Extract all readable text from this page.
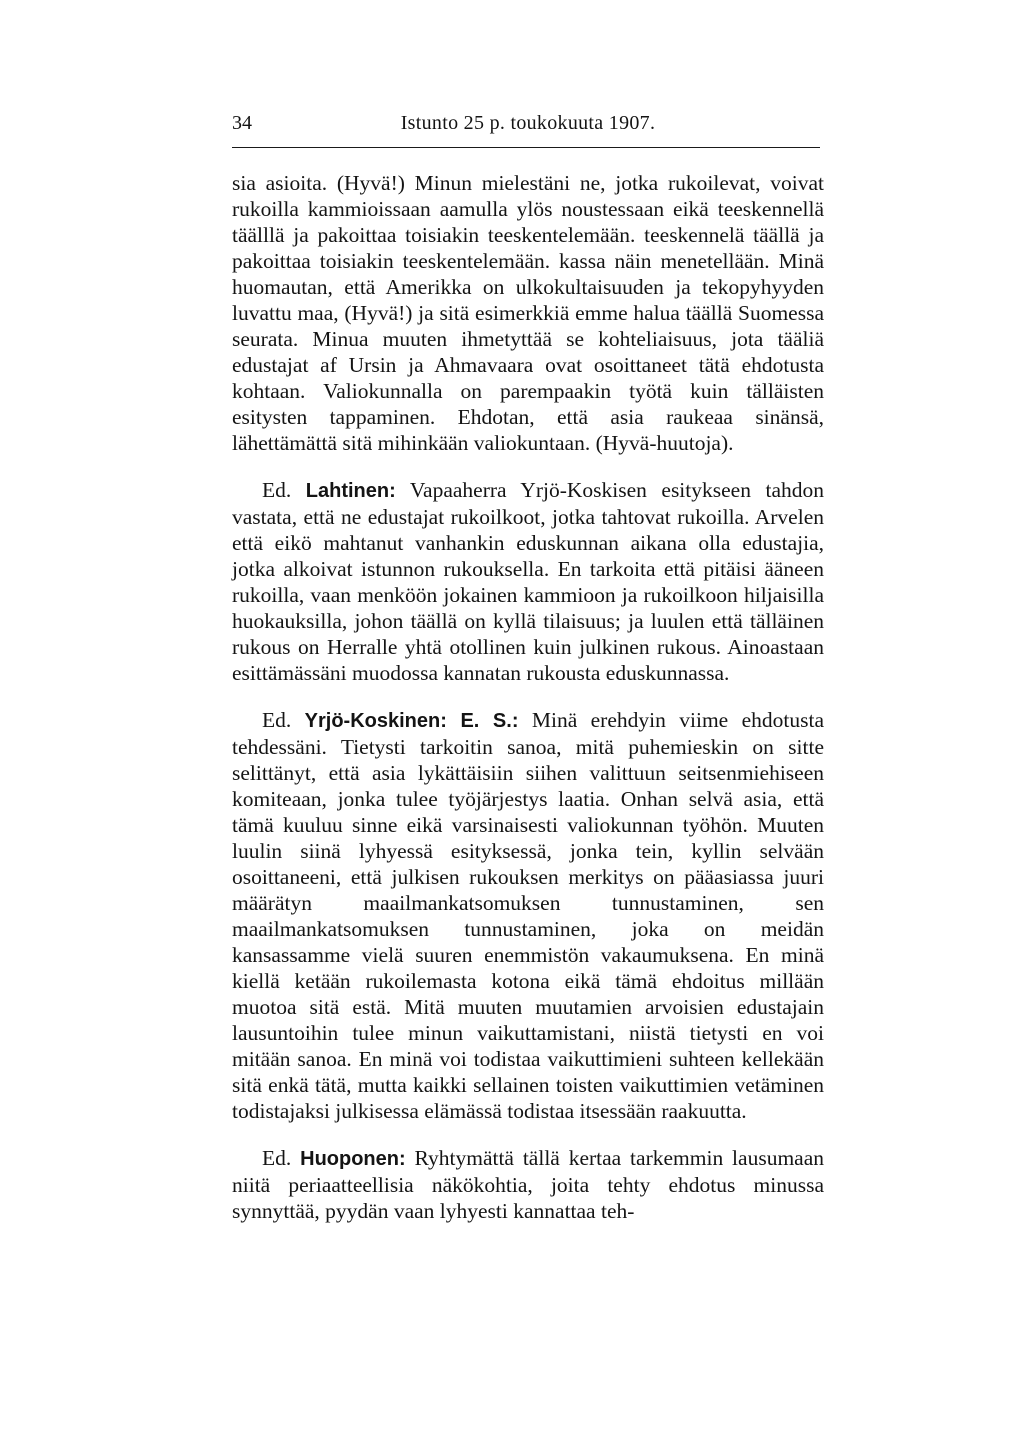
34	Istunto 25 p. toukokuuta 1907.

sia asioita. (Hyvä!) Minun mielestäni ne, jotka rukoilevat, voivat rukoilla kammioissaan aamulla ylös noustessaan eikä teeskennellä täälllä ja pakoittaa toisiakin teeskentelemään. teeskennelä täällä ja pakoittaa toisiakin teeskentelemään. kassa näin menetellään. Minä huomautan, että Amerikka on ulkokultaisuuden ja tekopyhyyden luvattu maa, (Hyvä!) ja sitä esimerkkiä emme halua täällä Suomessa seurata. Minua muuten ihmetyttää se kohteliaisuus, jota tääliä edustajat af Ursin ja Ahmavaara ovat osoittaneet tätä ehdotusta kohtaan. Valiokunnalla on parempaakin työtä kuin tälläisten esitysten tappaminen. Ehdotan, että asia raukeaa sinänsä, lähettämättä sitä mihinkään valiokuntaan. (Hyvä-huutoja).

Ed. Lahtinen: Vapaaherra Yrjö-Koskisen esitykseen tahdon vastata, että ne edustajat rukoilkoot, jotka tahtovat rukoilla. Arvelen että eikö mahtanut vanhankin eduskunnan aikana olla edustajia, jotka alkoivat istunnon rukouksella. En tarkoita että pitäisi ääneen rukoilla, vaan menköön jokainen kammioon ja rukoilkoon hiljaisilla huokauksilla, johon täällä on kyllä tilaisuus; ja luulen että tälläinen rukous on Herralle yhtä otollinen kuin julkinen rukous. Ainoastaan esittämässäni muodossa kannatan rukousta eduskunnassa.

Ed. Yrjö-Koskinen: E. S.: Minä erehdyin viime ehdotusta tehdessäni. Tietysti tarkoitin sanoa, mitä puhemieskin on sitte selittänyt, että asia lykättäisiin siihen valittuun seitsenmiehiseen komiteaan, jonka tulee työjärjestys laatia. Onhan selvä asia, että tämä kuuluu sinne eikä varsinaisesti valiokunnan työhön. Muuten luulin siinä lyhyessä esityksessä, jonka tein, kyllin selvään osoittaneeni, että julkisen rukouksen merkitys on pääasiassa juuri määrätyn maailmankatsomuksen tunnustaminen, sen maailmankatsomuksen tunnustaminen, joka on meidän kansassamme vielä suuren enemmistön vakaumuksena. En minä kiellä ketään rukoilemasta kotona eikä tämä ehdoitus millään muotoa sitä estä. Mitä muuten muutamien arvoisien edustajain lausuntoihin tulee minun vaikuttamistani, niistä tietysti en voi mitään sanoa. En minä voi todistaa vaikuttimieni suhteen kellekään sitä enkä tätä, mutta kaikki sellainen toisten vaikuttimien vetäminen todistajaksi julkisessa elämässä todistaa itsessään raakuutta.

Ed. Huoponen: Ryhtymättä tällä kertaa tarkemmin lausumaan niitä periaatteellisia näkökohtia, joita tehty ehdotus minussa synnyttää, pyydän vaan lyhyesti kannattaa teh-
